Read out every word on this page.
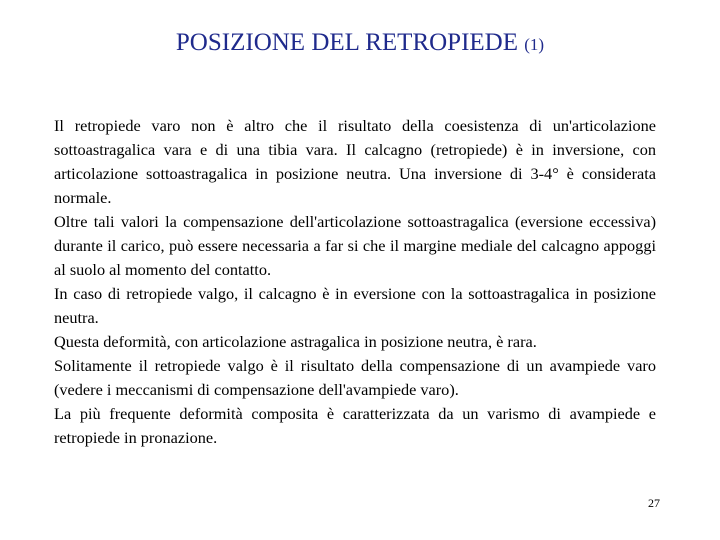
POSIZIONE DEL RETROPIEDE (1)

Il retropiede varo non è altro che il risultato della coesistenza di un'articolazione sottoastragalica vara e di una tibia vara. Il calcagno (retropiede) è in inversione, con articolazione sottoastragalica in posizione neutra. Una inversione di 3-4° è considerata normale.

Oltre tali valori la compensazione dell'articolazione sottoastragalica (eversione eccessiva) durante il carico, può essere necessaria a far si che il margine mediale del calcagno appoggi al suolo al momento del contatto.

In caso di retropiede valgo, il calcagno è in eversione con la sottoastragalica in posizione neutra.

Questa deformità, con articolazione astragalica in posizione neutra, è rara.

Solitamente il retropiede valgo è il risultato della compensazione di un avampiede varo (vedere i meccanismi di compensazione dell'avampiede varo).

La più frequente deformità composita è caratterizzata da un varismo di avampiede e retropiede in pronazione.

27
